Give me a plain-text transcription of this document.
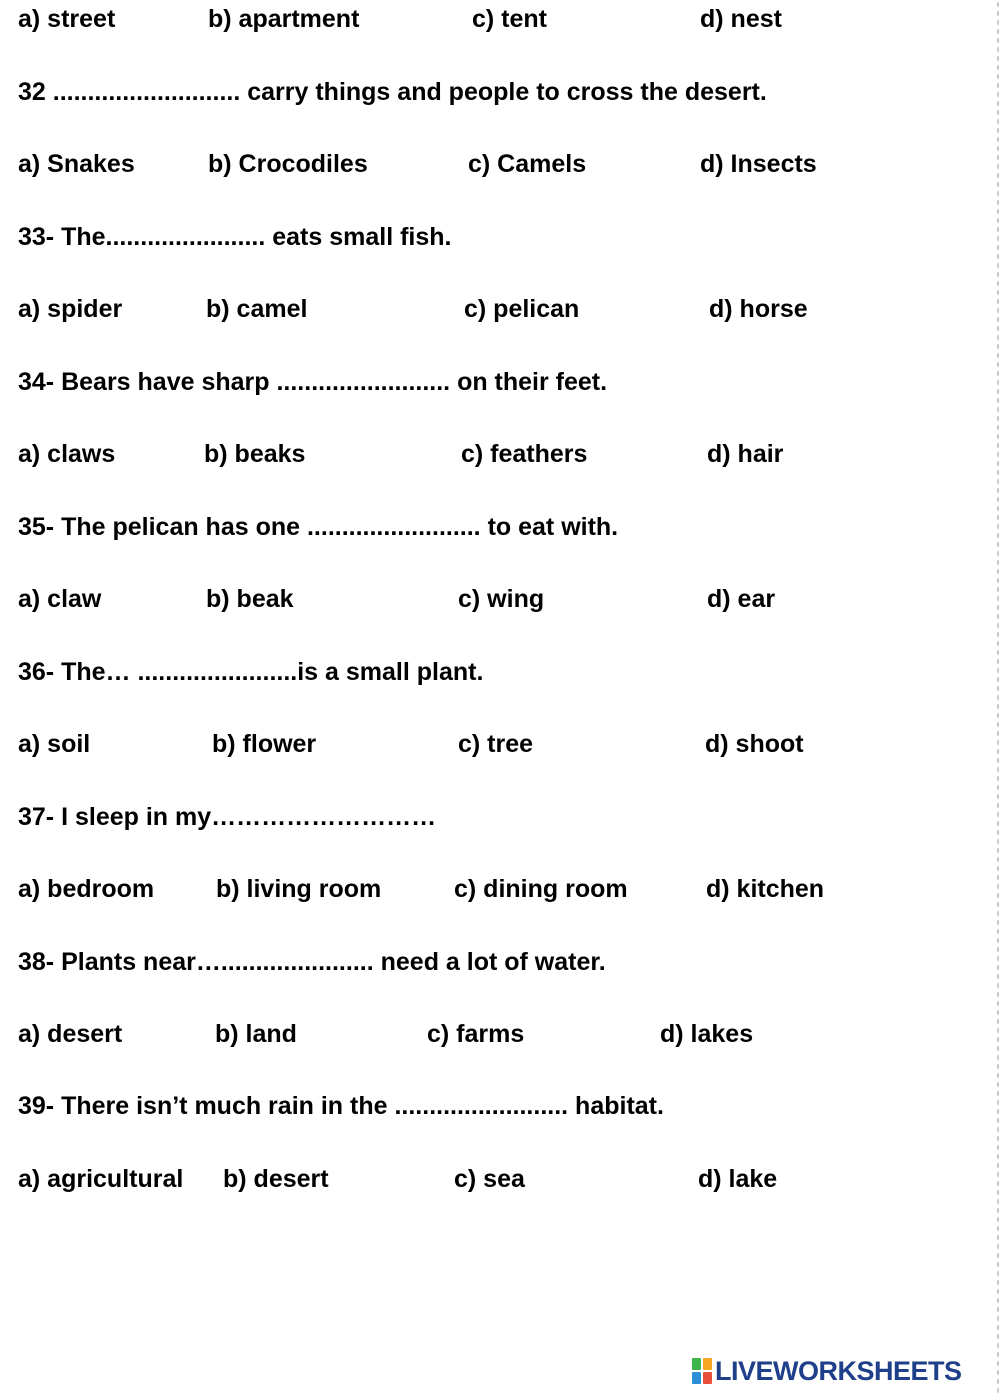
a) street	b) apartment	c) tent	d) nest
32 ........................... carry things and people to cross the desert.
a) Snakes	b) Crocodiles	c) Camels	d) Insects
33- The....................... eats small fish.
a) spider	b) camel	c) pelican	d) horse
34- Bears have sharp ......................... on their feet.
a) claws	b) beaks	c) feathers	d) hair
35- The pelican has one ......................... to eat with.
a) claw	b) beak	c) wing	d) ear
36- The… .......................is a small plant.
a) soil	b) flower	c) tree	d) shoot
37- I sleep in my………………………
a) bedroom b) living room	c) dining room	d) kitchen
38- Plants near…...................... need a lot of water.
a) desert	b) land	c) farms	d) lakes
39- There isn’t much rain in the ......................... habitat.
a) agricultural b) desert	c) sea	d) lake
LIVEWORKSHEETS
